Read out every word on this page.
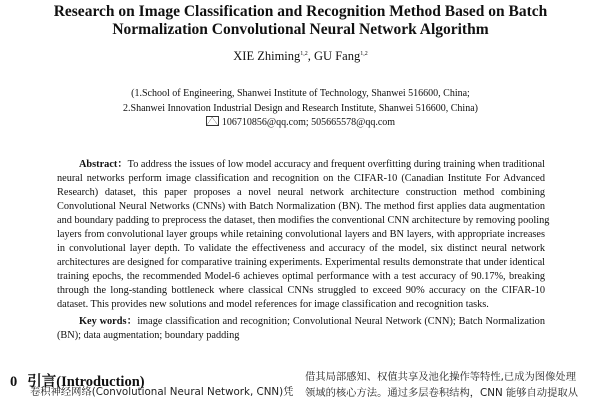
Research on Image Classification and Recognition Method Based on Batch
Normalization Convolutional Neural Network Algorithm
XIE Zhiming$^{1,2}$, GU Fang$^{1,2}$
(1.School of Engineering, Shanwei Institute of Technology, Shanwei 516600, China;
2.Shanwei Innovation Industrial Design and Research Institute, Shanwei 516600, China)
106710856@qq.com; 505665578@qq.com
Abstract：To address the issues of low model accuracy and frequent overfitting during training when traditional
neural networks perform image classification and recognition on the CIFAR-10 (Canadian Institute For Advanced
Research) dataset, this paper proposes a novel neural network architecture construction method combining
Convolutional Neural Networks (CNNs) with Batch Normalization (BN). The method first applies data augmentation
and boundary padding to preprocess the dataset, then modifies the conventional CNN architecture by removing pooling
layers from convolutional layer groups while retaining convolutional layers and BN layers, with appropriate increases
in convolutional layer depth. To validate the effectiveness and accuracy of the model, six distinct neural network
architectures are designed for comparative training experiments. Experimental results demonstrate that under identical
training epochs, the recommended Model-6 achieves optimal performance with a test accuracy of 90.17%, breaking
through the long-standing bottleneck where classical CNNs struggled to exceed 90% accuracy on the CIFAR-10
dataset. This provides new solutions and model references for image classification and recognition tasks.
Key words：image classification and recognition; Convolutional Neural Network (CNN); Batch Normalization
(BN); data augmentation; boundary padding
0 引言(Introduction)
卷积神经网络(Convolutional Neural Network, CNN)凭
借其局部感知、权值共享及池化操作等特性,已成为图像处理
领域的核心方法。通过多层卷积结构，CNN 能够自动提取从
